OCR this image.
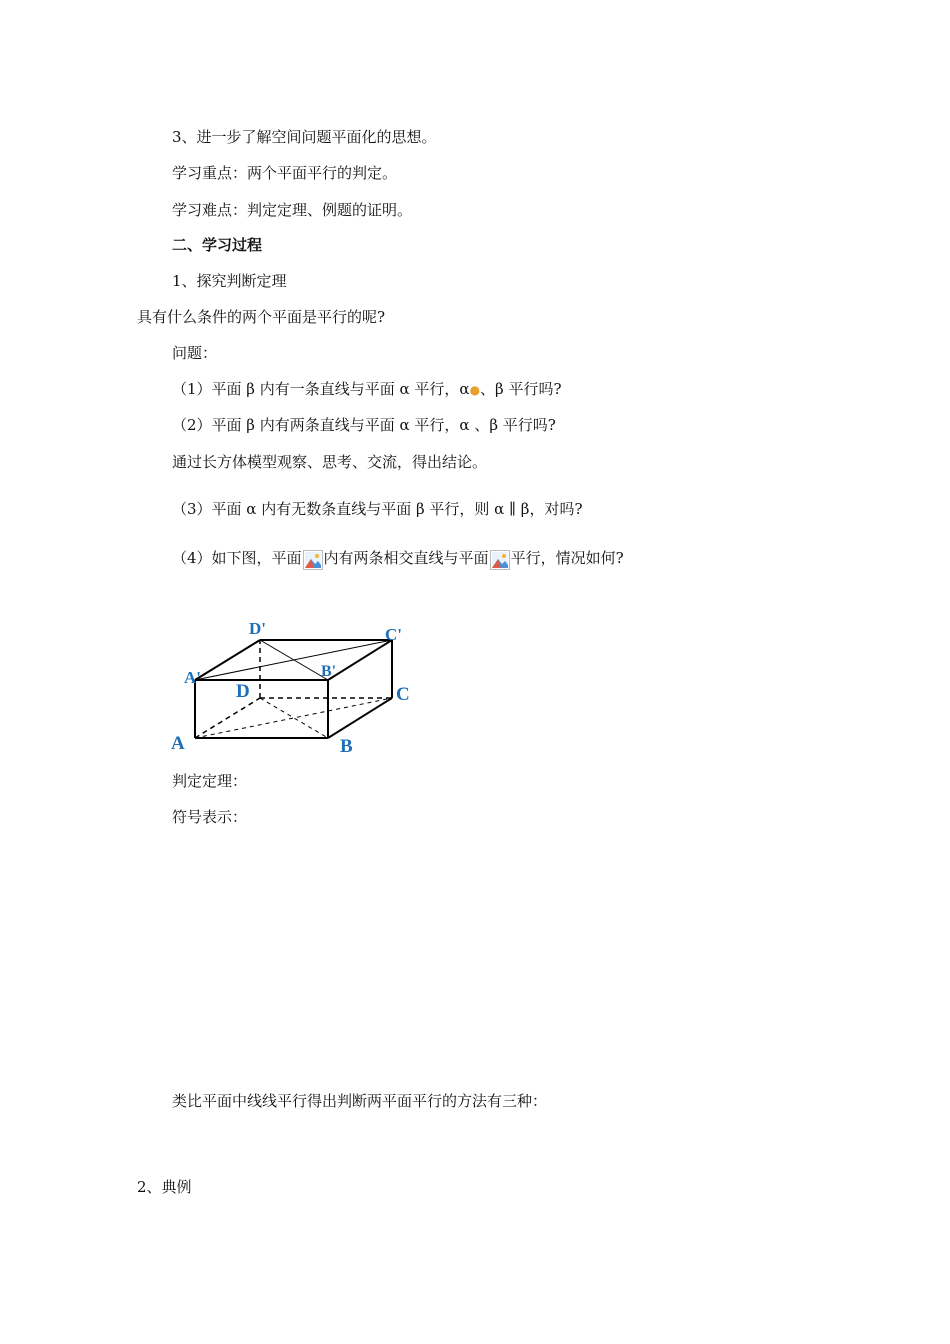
3、进一步了解空间问题平面化的思想。
学习重点：两个平面平行的判定。
学习难点：判定定理、例题的证明。
二、学习过程
1、探究判断定理
具有什么条件的两个平面是平行的呢?
问题：
（1）平面 β 内有一条直线与平面 α 平行，α●、β 平行吗?
（2）平面 β 内有两条直线与平面 α 平行，α 、β 平行吗?
通过长方体模型观察、思考、交流，得出结论。
（3）平面 α 内有无数条直线与平面 β 平行，则 α ∥ β，对吗?
（4）如下图，平面 内有两条相交直线与平面 平行，情况如何?
D'	C'
A'	B'
D	C
A	B
判定定理：
符号表示：
类比平面中线线平行得出判断两平面平行的方法有三种：
2、典例
